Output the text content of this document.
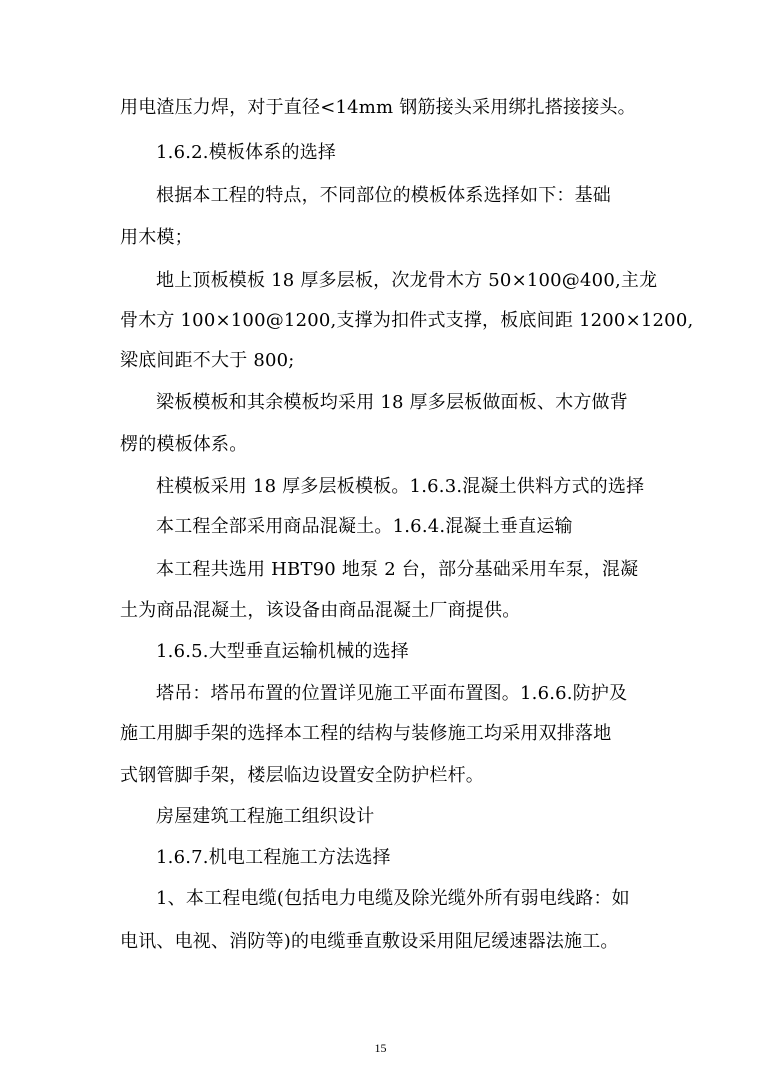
用电渣压力焊，对于直径<14mm 钢筋接头采用绑扎搭接接头。
1.6.2.模板体系的选择
根据本工程的特点，不同部位的模板体系选择如下：基础
用木模；
地上顶板模板 18 厚多层板，次龙骨木方 50×100@400,主龙
骨木方 100×100@1200,支撑为扣件式支撑，板底间距 1200×1200,
梁底间距不大于 800;
梁板模板和其余模板均采用 18 厚多层板做面板、木方做背
楞的模板体系。
柱模板采用 18 厚多层板模板。1.6.3.混凝土供料方式的选择
本工程全部采用商品混凝土。1.6.4.混凝土垂直运输
本工程共选用 HBT90 地泵 2 台，部分基础采用车泵，混凝
土为商品混凝土，该设备由商品混凝土厂商提供。
1.6.5.大型垂直运输机械的选择
塔吊：塔吊布置的位置详见施工平面布置图。1.6.6.防护及
施工用脚手架的选择本工程的结构与装修施工均采用双排落地
式钢管脚手架，楼层临边设置安全防护栏杆。
房屋建筑工程施工组织设计
1.6.7.机电工程施工方法选择
1、本工程电缆(包括电力电缆及除光缆外所有弱电线路：如
电讯、电视、消防等)的电缆垂直敷设采用阻尼缓速器法施工。
15
